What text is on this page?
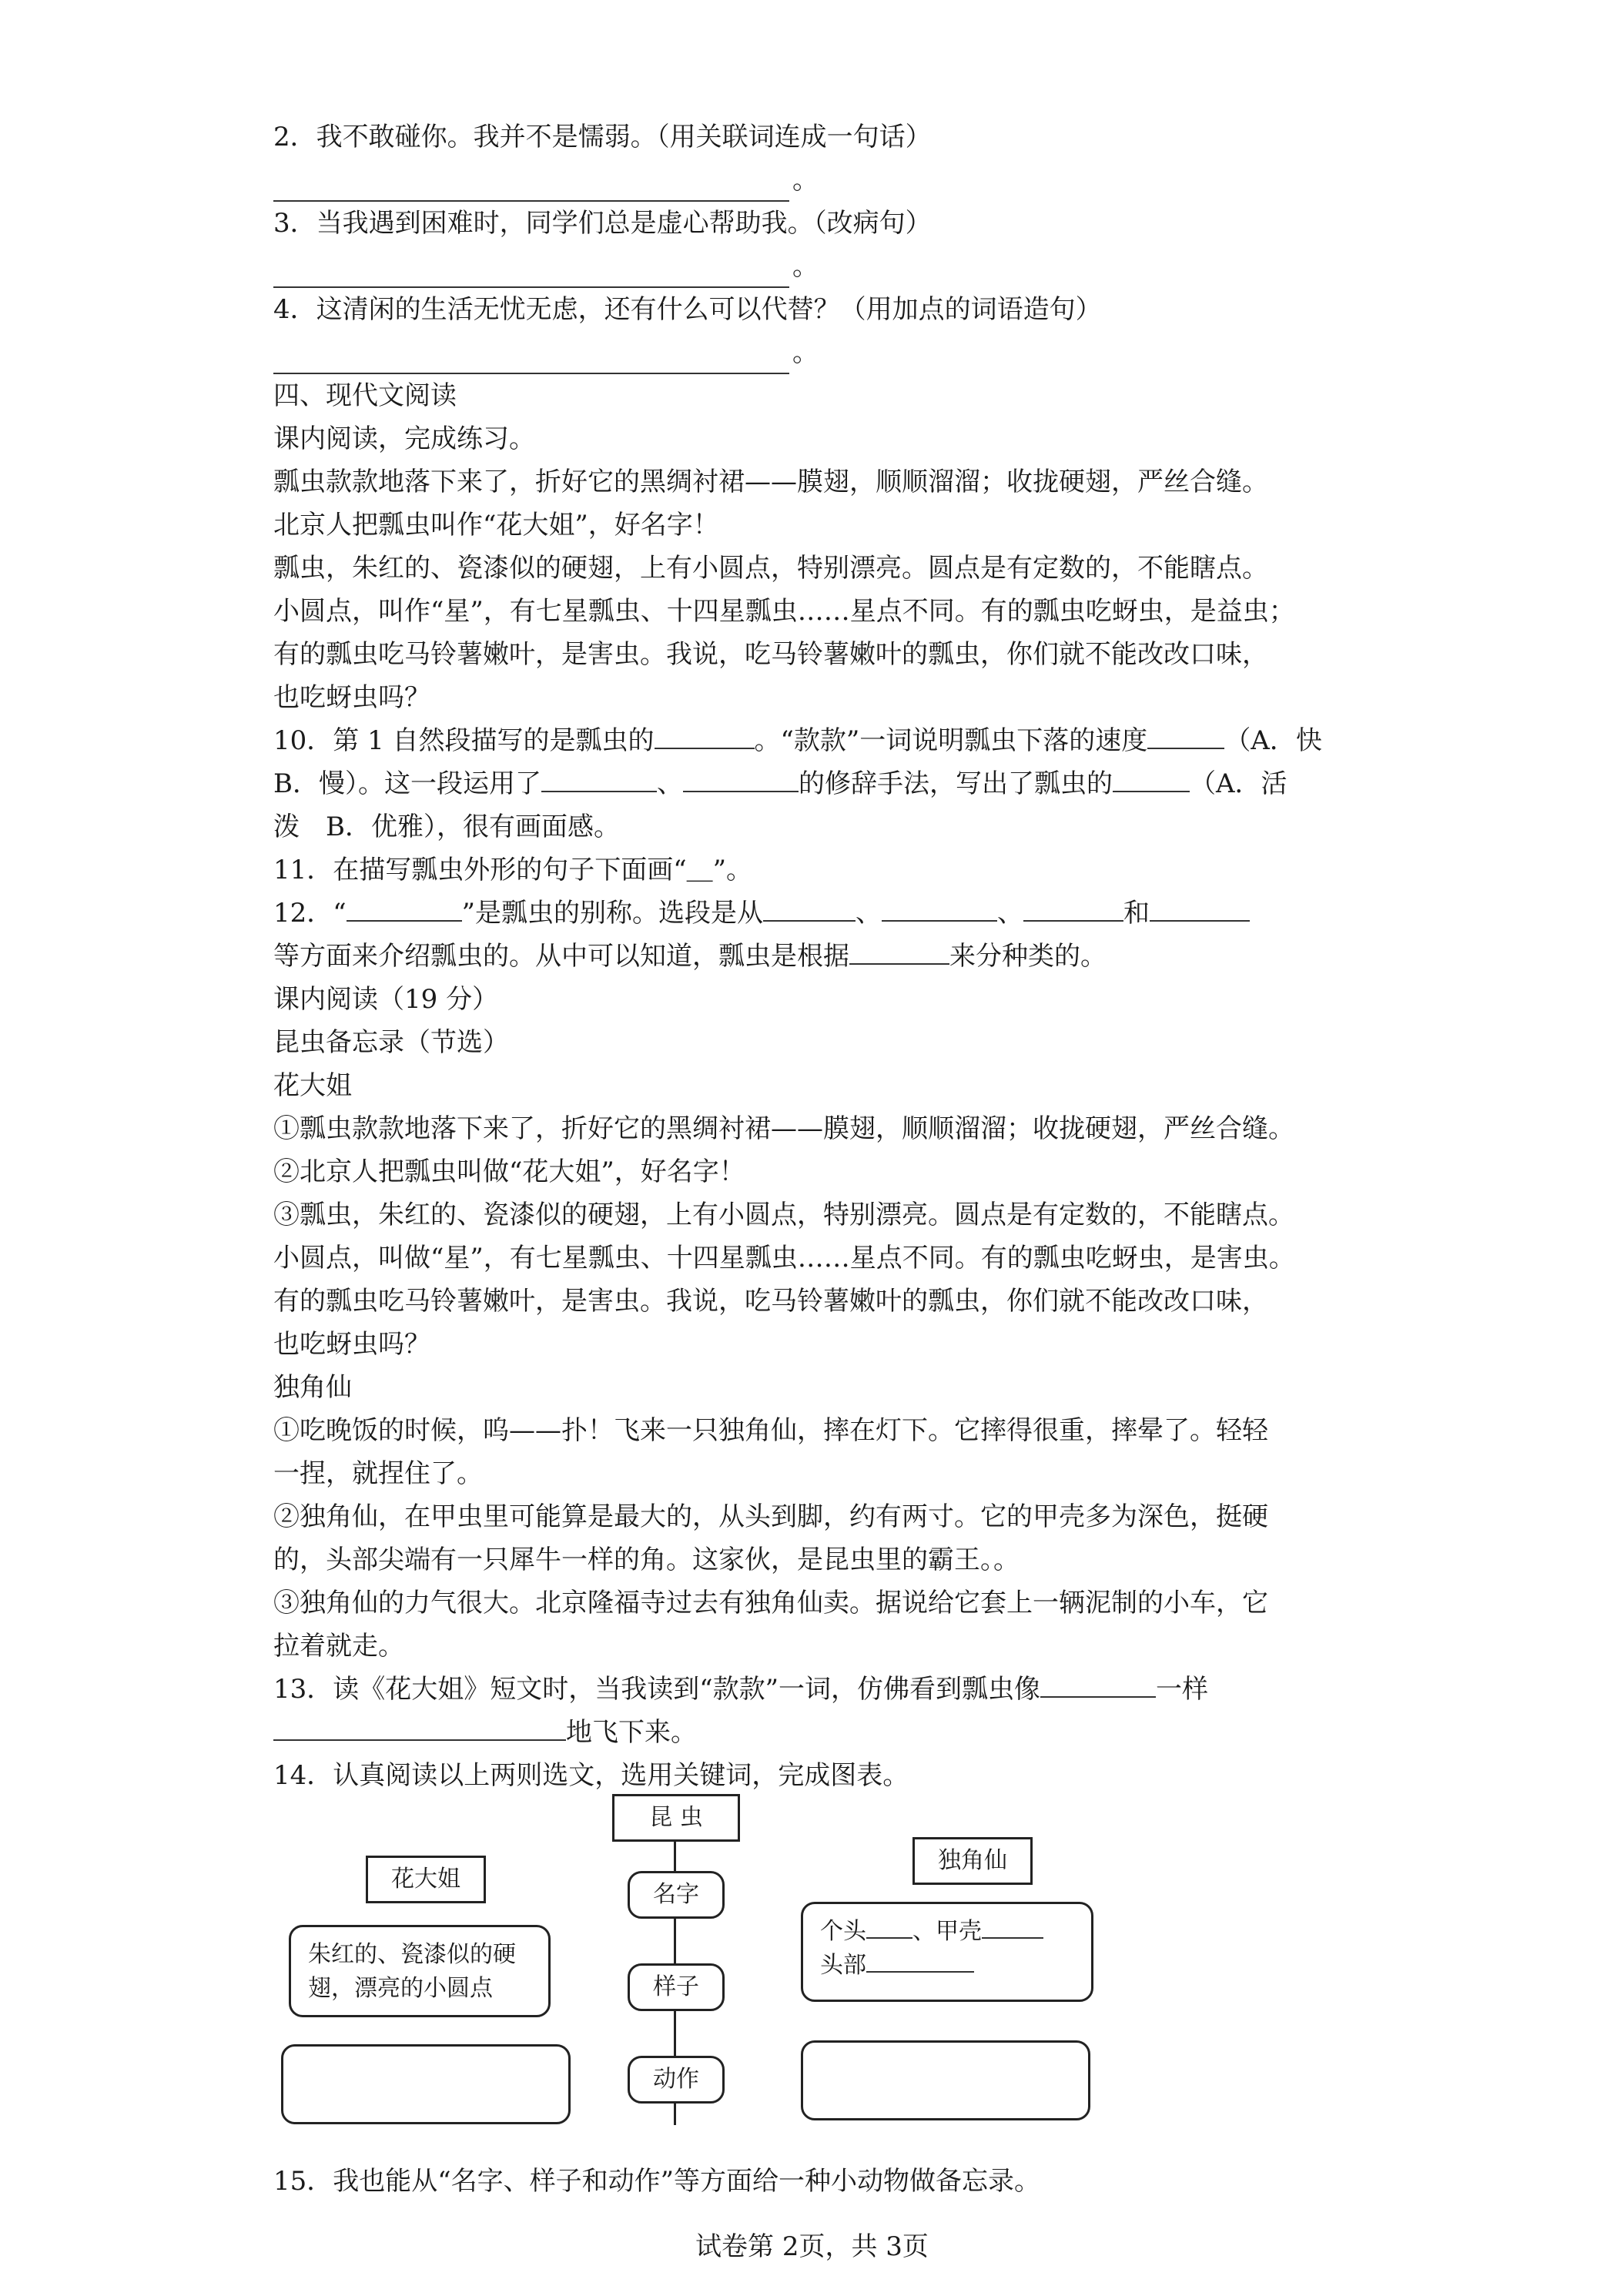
2．我不敢碰你。我并不是懦弱。（用关联词连成一句话）
。
3．当我遇到困难时，同学们总是虚心帮助我。（改病句）
。
4．这清闲的生活无忧无虑，还有什么可以代替？（用加点的词语造句）
。
四、现代文阅读
课内阅读，完成练习。
瓢虫款款地落下来了，折好它的黑绸衬裙——膜翅，顺顺溜溜；收拢硬翅，严丝合缝。
北京人把瓢虫叫作“花大姐”，好名字！
瓢虫，朱红的、瓷漆似的硬翅，上有小圆点，特别漂亮。圆点是有定数的，不能瞎点。
小圆点，叫作“星”，有七星瓢虫、十四星瓢虫……星点不同。有的瓢虫吃蚜虫，是益虫；
有的瓢虫吃马铃薯嫩叶，是害虫。我说，吃马铃薯嫩叶的瓢虫，你们就不能改改口味，
也吃蚜虫吗？
10．第 1 自然段描写的是瓢虫的	。“款款”一词说明瓢虫下落的速度	（A．快
B．慢）。这一段运用了	、	的修辞手法，写出了瓢虫的	（A．活
泼　B．优雅），很有画面感。
11．在描写瓢虫外形的句子下面画“＿”。
12．“	”是瓢虫的别称。选段是从	、	、	和
等方面来介绍瓢虫的。从中可以知道，瓢虫是根据	来分种类的。
课内阅读（19 分）
昆虫备忘录（节选）
花大姐
①瓢虫款款地落下来了，折好它的黑绸衬裙——膜翅，顺顺溜溜；收拢硬翅，严丝合缝。
②北京人把瓢虫叫做“花大姐”，好名字！
③瓢虫，朱红的、瓷漆似的硬翅，上有小圆点，特别漂亮。圆点是有定数的，不能瞎点。
小圆点，叫做“星”，有七星瓢虫、十四星瓢虫……星点不同。有的瓢虫吃蚜虫，是害虫。
有的瓢虫吃马铃薯嫩叶，是害虫。我说，吃马铃薯嫩叶的瓢虫，你们就不能改改口味，
也吃蚜虫吗？
独角仙
①吃晚饭的时候，呜——扑！飞来一只独角仙，摔在灯下。它摔得很重，摔晕了。轻轻
一捏，就捏住了。
②独角仙，在甲虫里可能算是最大的，从头到脚，约有两寸。它的甲壳多为深色，挺硬
的，头部尖端有一只犀牛一样的角。这家伙，是昆虫里的霸王。。
③独角仙的力气很大。北京隆福寺过去有独角仙卖。据说给它套上一辆泥制的小车，它
拉着就走。
13．读《花大姐》短文时，当我读到“款款”一词，仿佛看到瓢虫像	一样
地飞下来。
14．认真阅读以上两则选文，选用关键词，完成图表。
昆 虫
名字
样子
动作
花大姐
朱红的、瓷漆似的硬
翅，漂亮的小圆点
独角仙
个头 、甲壳
头部
15．我也能从“名字、样子和动作”等方面给一种小动物做备忘录。
试卷第 2页，共 3页
